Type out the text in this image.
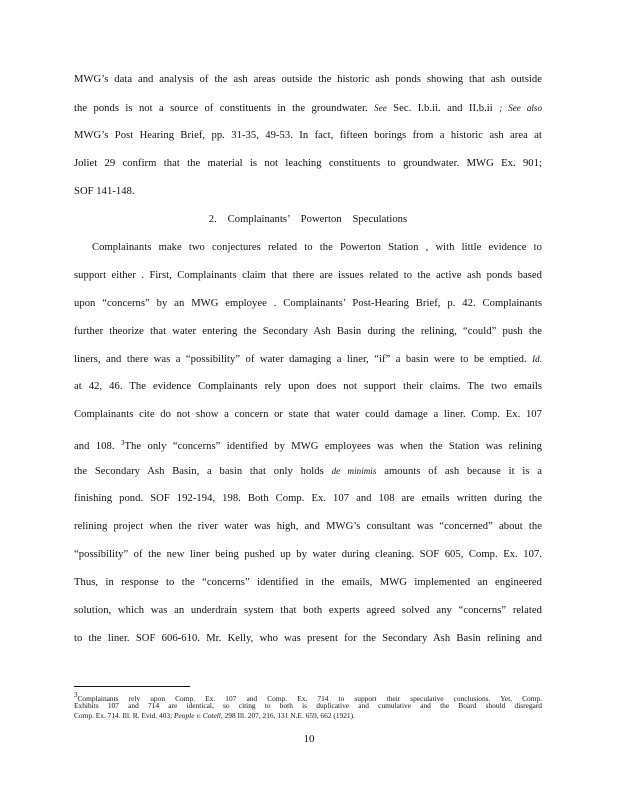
MWG’s data and analysis of the ash areas outside the historic ash ponds showing that ash outside
the ponds is not a source of constituents in the groundwater. See Sec. I.b.ii. and II.b.ii ; See also
MWG’s Post Hearing Brief, pp. 31-35, 49-53. In fact, fifteen borings from a historic ash area at
Joliet 29 confirm that the material is not leaching constituents to groundwater. MWG Ex. 901;
SOF 141-148.
2.    Complainants’    Powerton    Speculations
Complainants make two conjectures related to the Powerton Station , with little evidence to
support either . First, Complainants claim that there are issues related to the active ash ponds based
upon “concerns” by an MWG employee . Complainants’ Post-Hearing Brief, p. 42. Complainants
further theorize that water entering the Secondary Ash Basin during the relining, “could” push the
liners, and there was a “possibility” of water damaging a liner, “if” a basin were to be emptied. Id.
at 42, 46. The evidence Complainants rely upon does not support their claims. The two emails
Complainants cite do not show a concern or state that water could damage a liner. Comp. Ex. 107
and 108. $^3$The only “concerns” identified by MWG employees was when the Station was relining
the Secondary Ash Basin, a basin that only holds de minimis amounts of ash because it is a
finishing pond. SOF 192-194, 198. Both Comp. Ex. 107 and 108 are emails written during the
relining project when the river water was high, and MWG’s consultant was “concerned” about the
“possibility” of the new liner being pushed up by water during cleaning. SOF 605, Comp. Ex. 107.
Thus, in response to the “concerns” identified in the emails, MWG implemented an engineered
solution, which was an underdrain system that both experts agreed solved any “concerns” related
to the liner. SOF 606-610. Mr. Kelly, who was present for the Secondary Ash Basin relining and
3Complainants rely upon Comp. Ex. 107 and Comp. Ex. 714 to support their speculative conclusions. Yet, Comp.
Exhibits 107 and 714 are identical, so citing to both is duplicative and cumulative and the Board should disregard
Comp. Ex. 714. Ill. R. Evid. 403; People v. Cotell, 298 Ill. 207, 216, 131 N.E. 659, 662 (1921).
10
